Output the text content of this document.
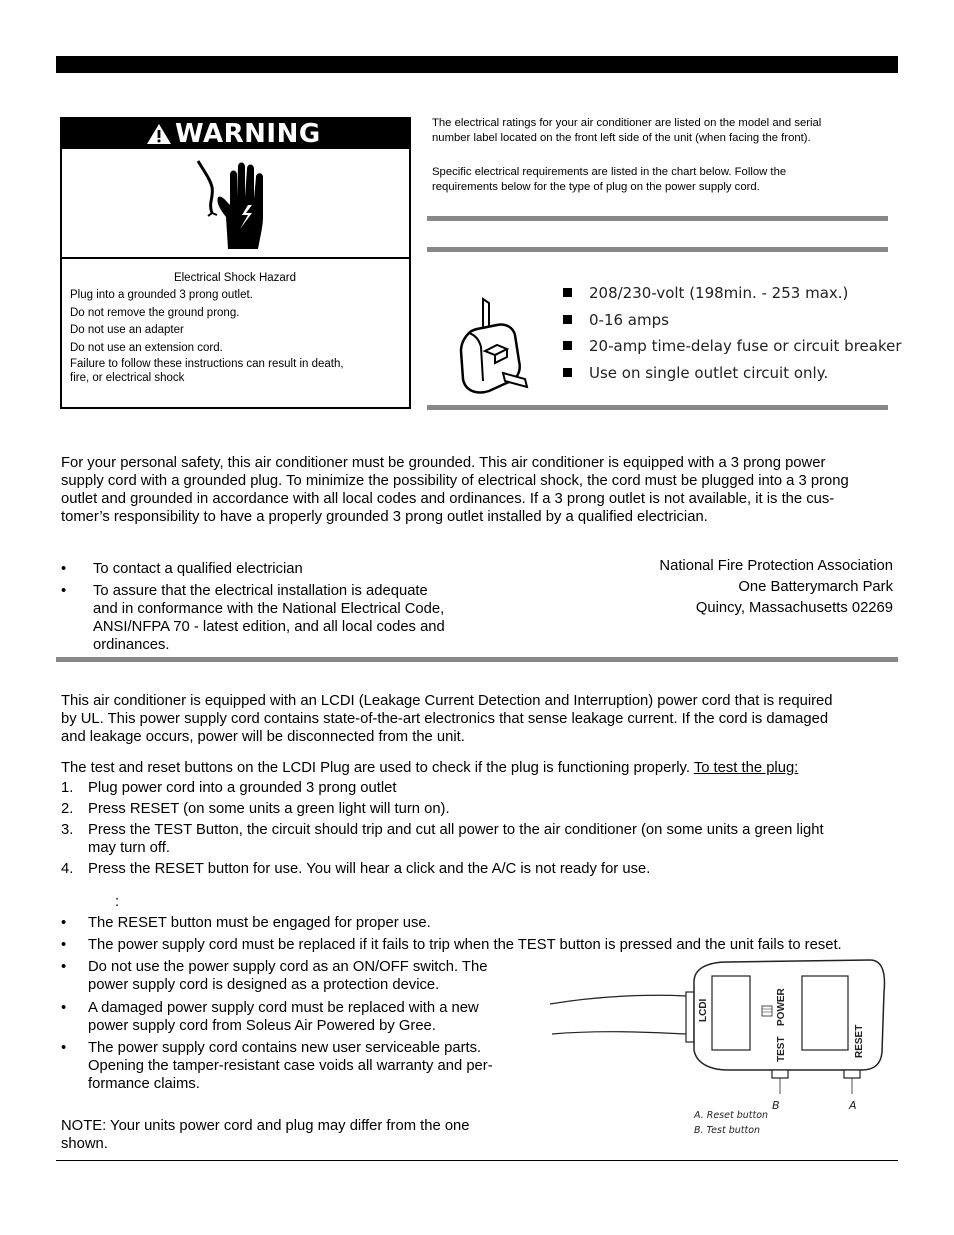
WARNING
Electrical Shock Hazard
Plug into a grounded 3 prong outlet.
Do not remove the ground prong.
Do not use an adapter
Do not use an extension cord.
Failure to follow these instructions can result in death,
fire, or electrical shock
The electrical ratings for your air conditioner are listed on the model and serial
number label located on the front left side of the unit (when facing the front).
Specific electrical requirements are listed in the chart below. Follow the
requirements below for the type of plug on the power supply cord.
208/230-volt (198min. - 253 max.)
0-16 amps
20-amp time-delay fuse or circuit breaker
Use on single outlet circuit only.
For your personal safety, this air conditioner must be grounded. This air conditioner is equipped with a 3 prong power
supply cord with a grounded plug. To minimize the possibility of electrical shock, the cord must be plugged into a 3 prong
outlet and grounded in accordance with all local codes and ordinances. If a 3 prong outlet is not available, it is the cus-
tomer’s responsibility to have a properly grounded 3 prong outlet installed by a qualified electrician.
• To contact a qualified electrician
• To assure that the electrical installation is adequate
and in conformance with the National Electrical Code,
ANSI/NFPA 70 - latest edition, and all local codes and
ordinances.
National Fire Protection Association
One Batterymarch Park
Quincy, Massachusetts 02269
This air conditioner is equipped with an LCDI (Leakage Current Detection and Interruption) power cord that is required
by UL. This power supply cord contains state-of-the-art electronics that sense leakage current. If the cord is damaged
and leakage occurs, power will be disconnected from the unit.
The test and reset buttons on the LCDI Plug are used to check if the plug is functioning properly. To test the plug:
1. Plug power cord into a grounded 3 prong outlet
2. Press RESET (on some units a green light will turn on).
3. Press the TEST Button, the circuit should trip and cut all power to the air conditioner (on some units a green light
may turn off.
4. Press the RESET button for use. You will hear a click and the A/C is not ready for use.
:
• The RESET button must be engaged for proper use.
• The power supply cord must be replaced if it fails to trip when the TEST button is pressed and the unit fails to reset.
• Do not use the power supply cord as an ON/OFF switch. The
power supply cord is designed as a protection device.
• A damaged power supply cord must be replaced with a new
power supply cord from Soleus Air Powered by Gree.
• The power supply cord contains new user serviceable parts.
Opening the tamper-resistant case voids all warranty and per-
formance claims.
NOTE: Your units power cord and plug may differ from the one
shown.
LCDI	POWER
TEST	RESET
B	A
A. Reset button
B. Test button
